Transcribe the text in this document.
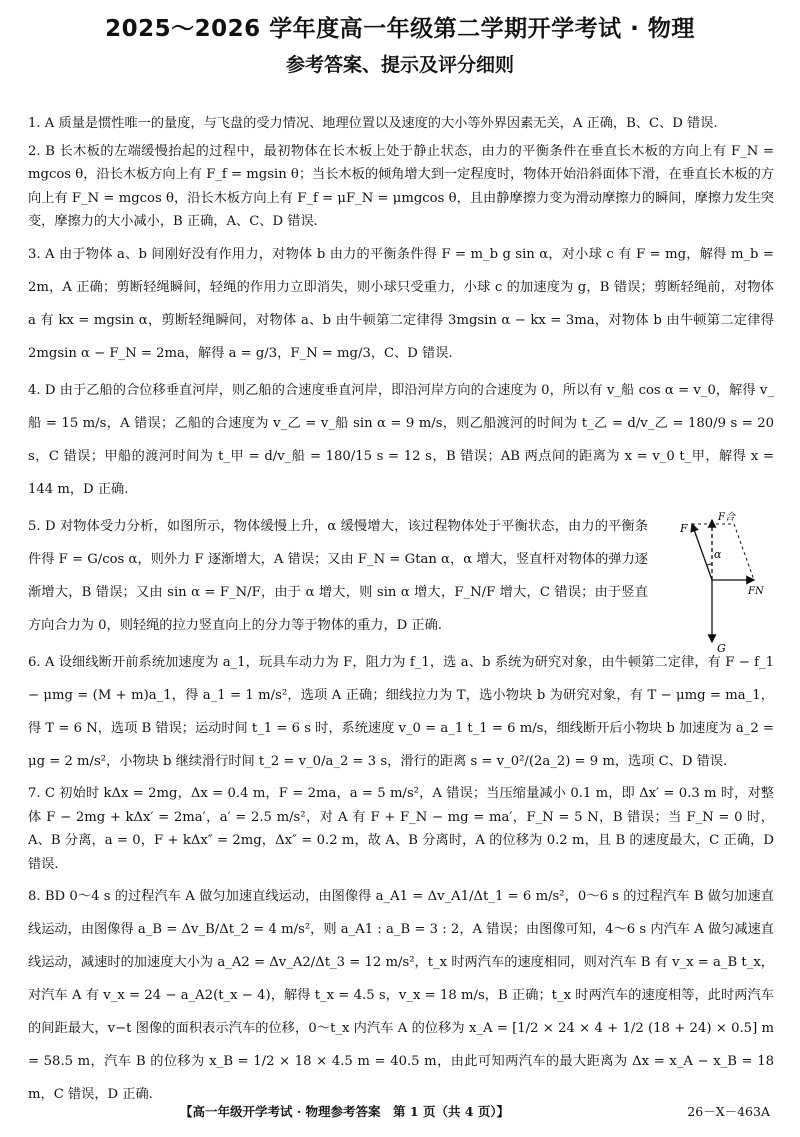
2025～2026 学年度高一年级第二学期开学考试 · 物理
参考答案、提示及评分细则
1. A 质量是惯性唯一的量度，与飞盘的受力情况、地理位置以及速度的大小等外界因素无关，A 正确，B、C、D 错误.
2. B 长木板的左端缓慢抬起的过程中，最初物体在长木板上处于静止状态，由力的平衡条件在垂直长木板的方向上有 F_N = mgcos θ，沿长木板方向上有 F_f = mgsin θ；当长木板的倾角增大到一定程度时，物体开始沿斜面体下滑，在垂直长木板的方向上有 F_N = mgcos θ，沿长木板方向上有 F_f = μF_N = μmgcos θ，且由静摩擦力变为滑动摩擦力的瞬间，摩擦力发生突变，摩擦力的大小减小，B 正确，A、C、D 错误.
3. A 由于物体 a、b 间刚好没有作用力，对物体 b 由力的平衡条件得 F = m_b g sin α，对小球 c 有 F = mg，解得 m_b = 2m，A 正确；剪断轻绳瞬间，轻绳的作用力立即消失，则小球只受重力，小球 c 的加速度为 g，B 错误；剪断轻绳前，对物体 a 有 kx = mgsin α，剪断轻绳瞬间，对物体 a、b 由牛顿第二定律得 3mgsin α − kx = 3ma，对物体 b 由牛顿第二定律得 2mgsin α − F_N = 2ma，解得 a = g/3，F_N = mg/3，C、D 错误.
4. D 由于乙船的合位移垂直河岸，则乙船的合速度垂直河岸，即沿河岸方向的合速度为 0，所以有 v_船 cos α = v_0，解得 v_船 = 15 m/s，A 错误；乙船的合速度为 v_乙 = v_船 sin α = 9 m/s，则乙船渡河的时间为 t_乙 = d/v_乙 = 180/9 s = 20 s，C 错误；甲船的渡河时间为 t_甲 = d/v_船 = 180/15 s = 12 s，B 错误；AB 两点间的距离为 x = v_0 t_甲，解得 x = 144 m，D 正确.
5. D 对物体受力分析，如图所示，物体缓慢上升，α 缓慢增大，该过程物体处于平衡状态，由力的平衡条件得 F = G/cos α，则外力 F 逐渐增大，A 错误；又由 F_N = Gtan α，α 增大，竖直杆对物体的弹力逐渐增大，B 错误；又由 sin α = F_N/F，由于 α 增大，则 sin α 增大，F_N/F 增大，C 错误；由于竖直方向合力为 0，则轻绳的拉力竖直向上的分力等于物体的重力，D 正确.
F
F合
α
FN
G
6. A 设细线断开前系统加速度为 a_1，玩具车动力为 F，阻力为 f_1，选 a、b 系统为研究对象，由牛顿第二定律，有 F − f_1 − μmg = (M + m)a_1，得 a_1 = 1 m/s²，选项 A 正确；细线拉力为 T，选小物块 b 为研究对象，有 T − μmg = ma_1，得 T = 6 N，选项 B 错误；运动时间 t_1 = 6 s 时，系统速度 v_0 = a_1 t_1 = 6 m/s，细线断开后小物块 b 加速度为 a_2 = μg = 2 m/s²，小物块 b 继续滑行时间 t_2 = v_0/a_2 = 3 s，滑行的距离 s = v_0²/(2a_2) = 9 m，选项 C、D 错误.
7. C 初始时 kΔx = 2mg，Δx = 0.4 m，F = 2ma，a = 5 m/s²，A 错误；当压缩量减小 0.1 m，即 Δx′ = 0.3 m 时，对整体 F − 2mg + kΔx′ = 2ma′，a′ = 2.5 m/s²，对 A 有 F + F_N − mg = ma′，F_N = 5 N，B 错误；当 F_N = 0 时，A、B 分离，a = 0，F + kΔx″ = 2mg，Δx″ = 0.2 m，故 A、B 分离时，A 的位移为 0.2 m，且 B 的速度最大，C 正确，D 错误.
8. BD 0～4 s 的过程汽车 A 做匀加速直线运动，由图像得 a_A1 = Δv_A1/Δt_1 = 6 m/s²，0～6 s 的过程汽车 B 做匀加速直线运动，由图像得 a_B = Δv_B/Δt_2 = 4 m/s²，则 a_A1 : a_B = 3 : 2，A 错误；由图像可知，4～6 s 内汽车 A 做匀减速直线运动，减速时的加速度大小为 a_A2 = Δv_A2/Δt_3 = 12 m/s²，t_x 时两汽车的速度相同，则对汽车 B 有 v_x = a_B t_x，对汽车 A 有 v_x = 24 − a_A2(t_x − 4)，解得 t_x = 4.5 s，v_x = 18 m/s，B 正确；t_x 时两汽车的速度相等，此时两汽车的间距最大，v−t 图像的面积表示汽车的位移，0～t_x 内汽车 A 的位移为 x_A = [1/2 × 24 × 4 + 1/2 (18 + 24) × 0.5] m = 58.5 m，汽车 B 的位移为 x_B = 1/2 × 18 × 4.5 m = 40.5 m，由此可知两汽车的最大距离为 Δx = x_A − x_B = 18 m，C 错误，D 正确.
【高一年级开学考试 · 物理参考答案　第 1 页（共 4 页）】	26－X－463A
